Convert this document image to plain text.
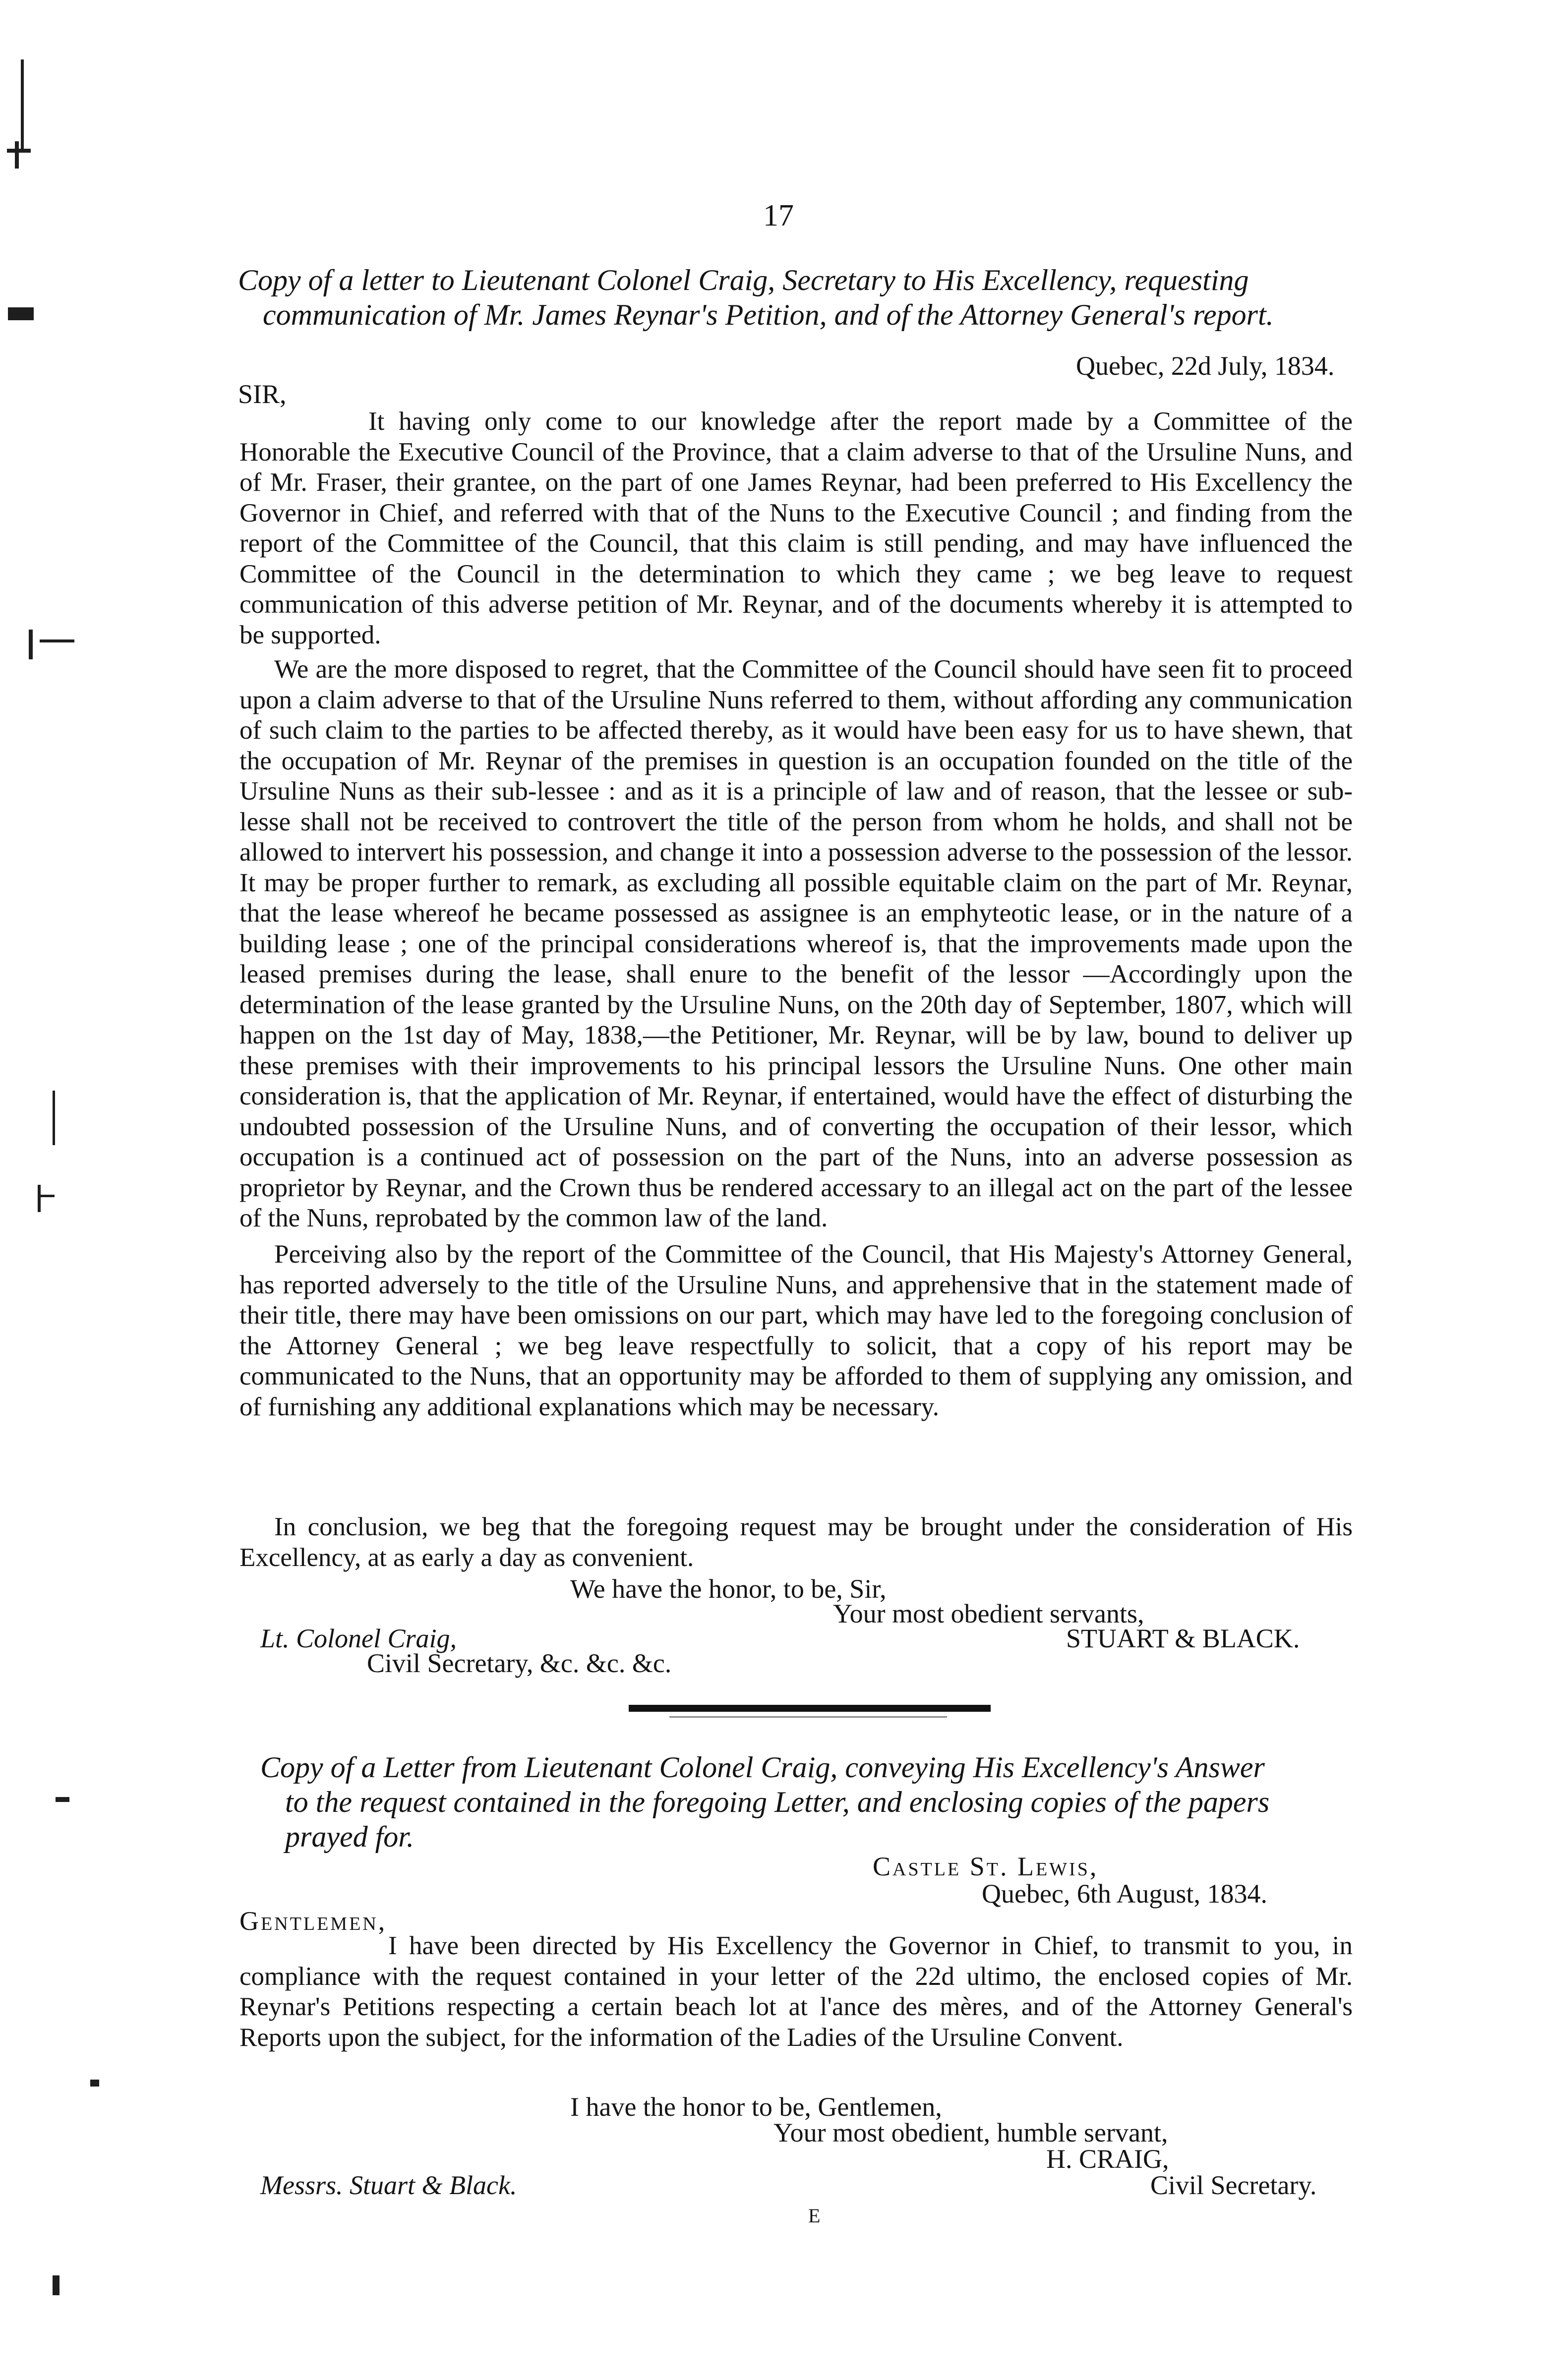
17
Copy of a letter to Lieutenant Colonel Craig, Secretary to His Excellency, requesting
communication of Mr. James Reynar's Petition, and of the Attorney General's report.
Quebec, 22d July, 1834.
SIR,

It having only come to our knowledge after the report made by a Committee of the Honorable the Executive Council of the Province, that a claim adverse to that of the Ursuline Nuns, and of Mr. Fraser, their grantee, on the part of one James Reynar, had been preferred to His Excellency the Governor in Chief, and referred with that of the Nuns to the Executive Council ; and finding from the report of the Committee of the Council, that this claim is still pending, and may have influenced the Committee of the Council in the determination to which they came ; we beg leave to request communication of this adverse petition of Mr. Reynar, and of the documents whereby it is attempted to be supported.

We are the more disposed to regret, that the Committee of the Council should have seen fit to proceed upon a claim adverse to that of the Ursuline Nuns referred to them, without affording any communication of such claim to the parties to be affected thereby, as it would have been easy for us to have shewn, that the occupation of Mr. Reynar of the premises in question is an occupation founded on the title of the Ursuline Nuns as their sub-lessee : and as it is a principle of law and of reason, that the lessee or sub-lesse shall not be received to controvert the title of the person from whom he holds, and shall not be allowed to intervert his possession, and change it into a possession adverse to the possession of the lessor. It may be proper further to remark, as excluding all possible equitable claim on the part of Mr. Reynar, that the lease whereof he became possessed as assignee is an emphyteotic lease, or in the nature of a building lease ; one of the principal considerations whereof is, that the improvements made upon the leased premises during the lease, shall enure to the benefit of the lessor —Accordingly upon the determination of the lease granted by the Ursuline Nuns, on the 20th day of September, 1807, which will happen on the 1st day of May, 1838,—the Petitioner, Mr. Reynar, will be by law, bound to deliver up these premises with their improvements to his principal lessors the Ursuline Nuns. One other main consideration is, that the application of Mr. Reynar, if entertained, would have the effect of disturbing the undoubted possession of the Ursuline Nuns, and of converting the occupation of their lessor, which occupation is a continued act of possession on the part of the Nuns, into an adverse possession as proprietor by Reynar, and the Crown thus be rendered accessary to an illegal act on the part of the lessee of the Nuns, reprobated by the common law of the land.

Perceiving also by the report of the Committee of the Council, that His Majesty's Attorney General, has reported adversely to the title of the Ursuline Nuns, and apprehensive that in the statement made of their title, there may have been omissions on our part, which may have led to the foregoing conclusion of the Attorney General ; we beg leave respectfully to solicit, that a copy of his report may be communicated to the Nuns, that an opportunity may be afforded to them of supplying any omission, and of furnishing any additional explanations which may be necessary.

In conclusion, we beg that the foregoing request may be brought under the consideration of His Excellency, at as early a day as convenient.

We have the honor, to be, Sir,
Your most obedient servants,
STUART & BLACK.
Lt. Colonel Craig,
Civil Secretary, &c. &c. &c.
Copy of a Letter from Lieutenant Colonel Craig, conveying His Excellency's Answer
to the request contained in the foregoing Letter, and enclosing copies of the papers
prayed for.
Castle St. Lewis,
Quebec, 6th August, 1834.
Gentlemen,

I have been directed by His Excellency the Governor in Chief, to transmit to you, in compliance with the request contained in your letter of the 22d ultimo, the enclosed copies of Mr. Reynar's Petitions respecting a certain beach lot at l'ance des mères, and of the Attorney General's Reports upon the subject, for the information of the Ladies of the Ursuline Convent.

I have the honor to be, Gentlemen,
Your most obedient, humble servant,
H. CRAIG,
Civil Secretary.
Messrs. Stuart & Black.
E
